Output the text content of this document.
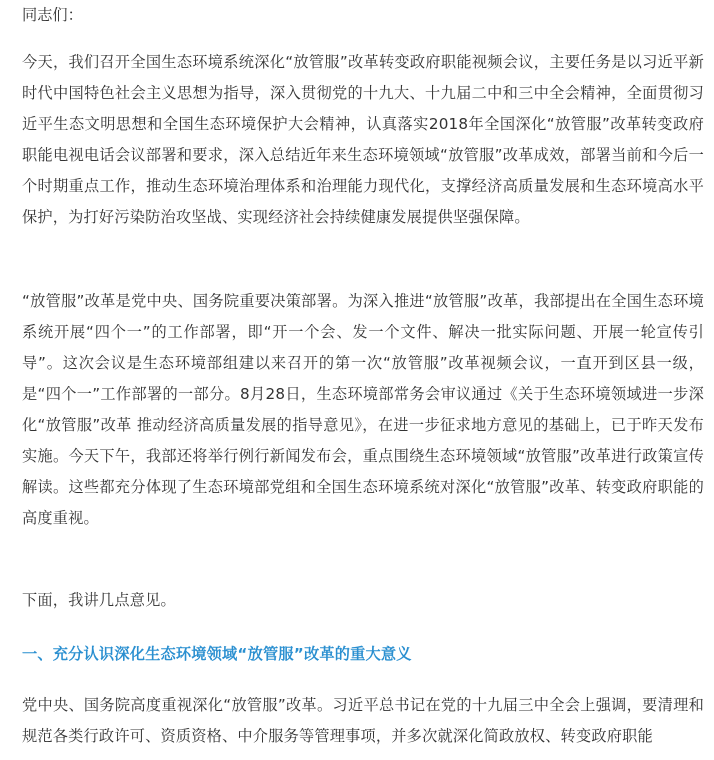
同志们：

今天，我们召开全国生态环境系统深化“放管服”改革转变政府职能视频会议，主要任务是以习近平新时代中国特色社会主义思想为指导，深入贯彻党的十九大、十九届二中和三中全会精神，全面贯彻习近平生态文明思想和全国生态环境保护大会精神，认真落实2018年全国深化“放管服”改革转变政府职能电视电话会议部署和要求，深入总结近年来生态环境领域“放管服”改革成效，部署当前和今后一个时期重点工作，推动生态环境治理体系和治理能力现代化，支撑经济高质量发展和生态环境高水平保护，为打好污染防治攻坚战、实现经济社会持续健康发展提供坚强保障。

“放管服”改革是党中央、国务院重要决策部署。为深入推进“放管服”改革，我部提出在全国生态环境系统开展“四个一”的工作部署，即“开一个会、发一个文件、解决一批实际问题、开展一轮宣传引导”。这次会议是生态环境部组建以来召开的第一次“放管服”改革视频会议，一直开到区县一级，是“四个一”工作部署的一部分。8月28日，生态环境部常务会审议通过《关于生态环境领域进一步深化“放管服”改革 推动经济高质量发展的指导意见》，在进一步征求地方意见的基础上，已于昨天发布实施。今天下午，我部还将举行例行新闻发布会，重点围绕生态环境领域“放管服”改革进行政策宣传解读。这些都充分体现了生态环境部党组和全国生态环境系统对深化“放管服”改革、转变政府职能的高度重视。

下面，我讲几点意见。

一、充分认识深化生态环境领域“放管服”改革的重大意义

党中央、国务院高度重视深化“放管服”改革。习近平总书记在党的十九届三中全会上强调，要清理和规范各类行政许可、资质资格、中介服务等管理事项，并多次就深化简政放权、转变政府职能
